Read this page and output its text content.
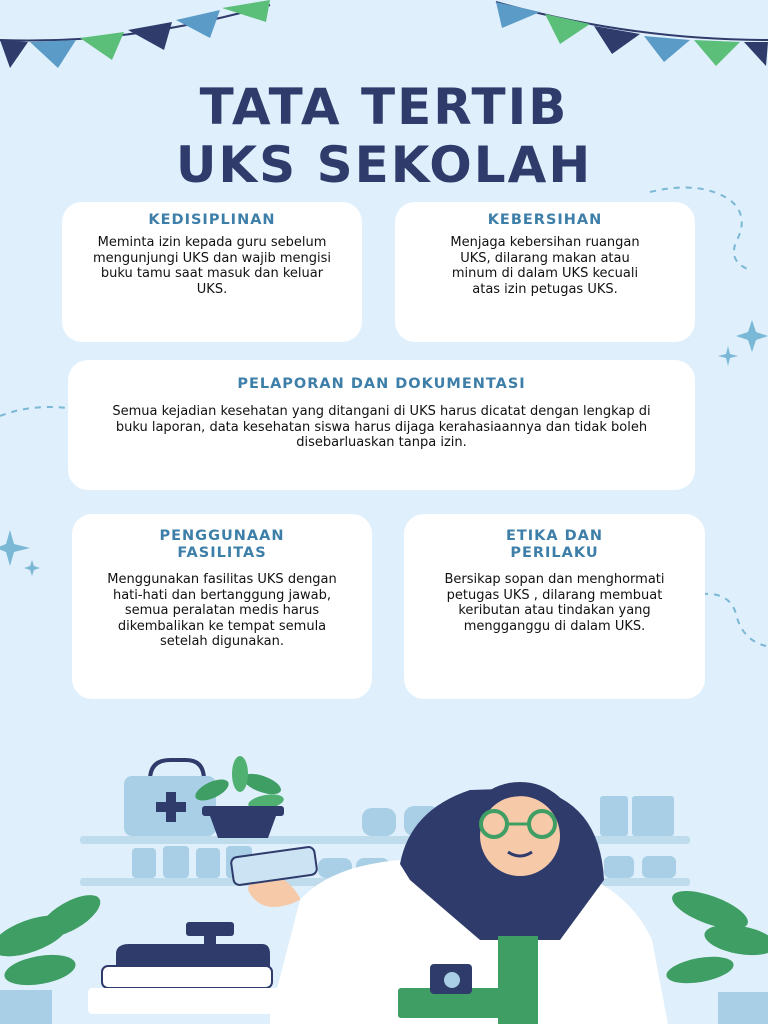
TATA TERTIB
UKS SEKOLAH
KEDISIPLINAN

Meminta izin kepada guru sebelum mengunjungi UKS dan wajib mengisi buku tamu saat masuk dan keluar UKS.

KEBERSIHAN

Menjaga kebersihan ruangan UKS, dilarang makan atau minum di dalam UKS kecuali atas izin petugas UKS.

PELAPORAN DAN DOKUMENTASI

Semua kejadian kesehatan yang ditangani di UKS harus dicatat dengan lengkap di buku laporan, data kesehatan siswa harus dijaga kerahasiaannya dan tidak boleh disebarluaskan tanpa izin.

PENGGUNAAN FASILITAS

Menggunakan fasilitas UKS dengan hati-hati dan bertanggung jawab, semua peralatan medis harus dikembalikan ke tempat semula setelah digunakan.

ETIKA DAN PERILAKU

Bersikap sopan dan menghormati petugas UKS , dilarang membuat keributan atau tindakan yang mengganggu di dalam UKS.
